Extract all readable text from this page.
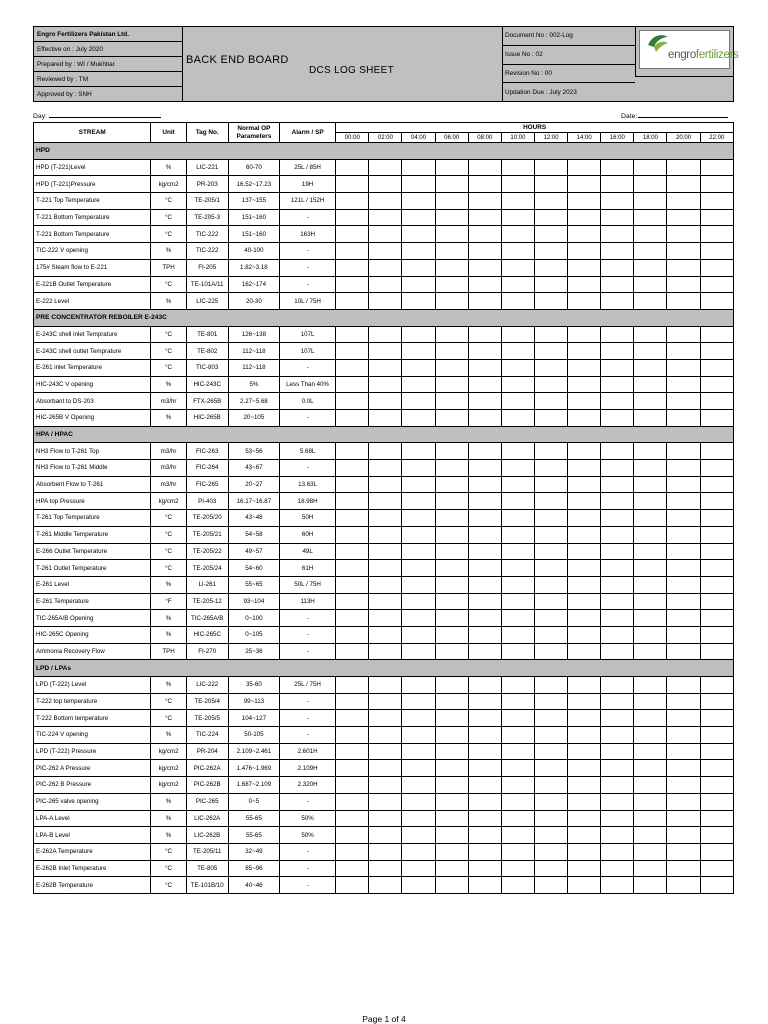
Engro Fertilizers Pakistan Ltd.
Effective on : July 2020
Prepared by : WI / Mukhtiar
Reviewed by : TM
Approved by : SNH
BACK END BOARD
DCS LOG SHEET
Document No : 002-Log
Issue No : 02
Revision No : 00
Updation Due : July 2023
engrofertilizers
Day:	Date:
STREAM	Unit	Tag No.	Normal OP Parameters	Alarm / SP	HOURS											
					00:00	02:00	04:00	06:00	08:00	10:00	12:00	14:00	16:00	18:00	20:00	22:00
HPD																
HPD (T-221)Level	%	LIC-221	60-70	25L / 85H												
HPD (T-221)Pressure	kg/cm2	PR-203	16.52~17.23	19H												
T-221 Top Temperature	°C	TE-205/1	137~155	121L / 152H												
T-221 Bottom Temperature	°C	TE-205-3	151~160	-												
T-221 Bottom Temperature	°C	TIC-222	151~160	163H												
TIC-222 V opening	%	TIC-222	40-100	-												
175# Steam flow to E-221	TPH	FI-205	1.82~3.18	-												
E-221B Outlet Temperature	°C	TE-101A/11	162~174	-												
E-222 Level	%	LIC-225	20-30	10L / 75H												
PRE CONCENTRATOR REBOILER E-243C																
E-243C shell inlet Temprature	°C	TE-801	126~138	107L												
E-243C shell outlet Temprature	°C	TE-802	112~118	107L												
E-261 inlet Temperature	°C	TIC-803	112~118	-												
HIC-243C V opening	%	HIC-243C	5%	Less Than 40%												
Absorbant to DS-203	m3/hr	FTX-265B	2.27~5.68	0.0L												
HIC-265B V Opening	%	HIC-265B	20~105	-												
HPA / HPAC																
NH3 Flow to T-261 Top	m3/hr	FIC-263	53~56	5.68L												
NH3 Flow to T-261 Middle	m3/hr	FIC-264	43~67	-												
Absorbent Flow to T-261	m3/hr	FIC-265	20~27	13.63L												
HPA top Pressure	kg/cm2	PI-403	16.17~16.87	18.98H												
T-261 Top Temperature	°C	TE-205/20	43~48	50H												
T-261 Middle Temperature	°C	TE-205/21	54~58	60H												
E-266 Outlet Temperature	°C	TE-205/22	49~57	49L												
T-261 Outlet Temperature	°C	TE-205/24	54~60	61H												
E-261 Level	%	LI-261	55~65	50L / 75H												
E-261 Temperature	°F	TE-205-12	93~104	113H												
TIC-265A/B Opening	%	TIC-265A/B	0~100	-												
HIC-265C Opening	%	HIC-265C	0~105	-												
Ammonia Recovery Flow	TPH	FI-270	25~36	-												
LPD / LPAs																
LPD (T-222) Level	%	LIC-222	35-60	25L / 75H												
T-222 top temperature	°C	TE-205/4	99~113	-												
T-222 Bottom temperature	°C	TE-205/5	104~127	-												
TIC-224 V opening	%	TIC-224	50-105	-												
LPD (T-222) Pressure	kg/cm2	PR-204	2.109~2.461	2.601H												
PIC-262 A Pressure	kg/cm2	PIC-262A	1.476~1.969	2.109H												
PIC-262 B Pressure	kg/cm2	PIC-262B	1.687~2.109	2.320H												
PIC-265 valve opening	%	PIC-265	0~5	-												
LPA-A Level	%	LIC-262A	55-65	50%												
LPA-B Level	%	LIC-262B	55-65	50%												
E-262A Temperature	°C	TE-205/11	32~49	-												
E-262B Inlet Temperature	°C	TE-805	85~96	-												
E-262B Temperature	°C	TE-101B/10	40~46	-												
Page 1 of 4
